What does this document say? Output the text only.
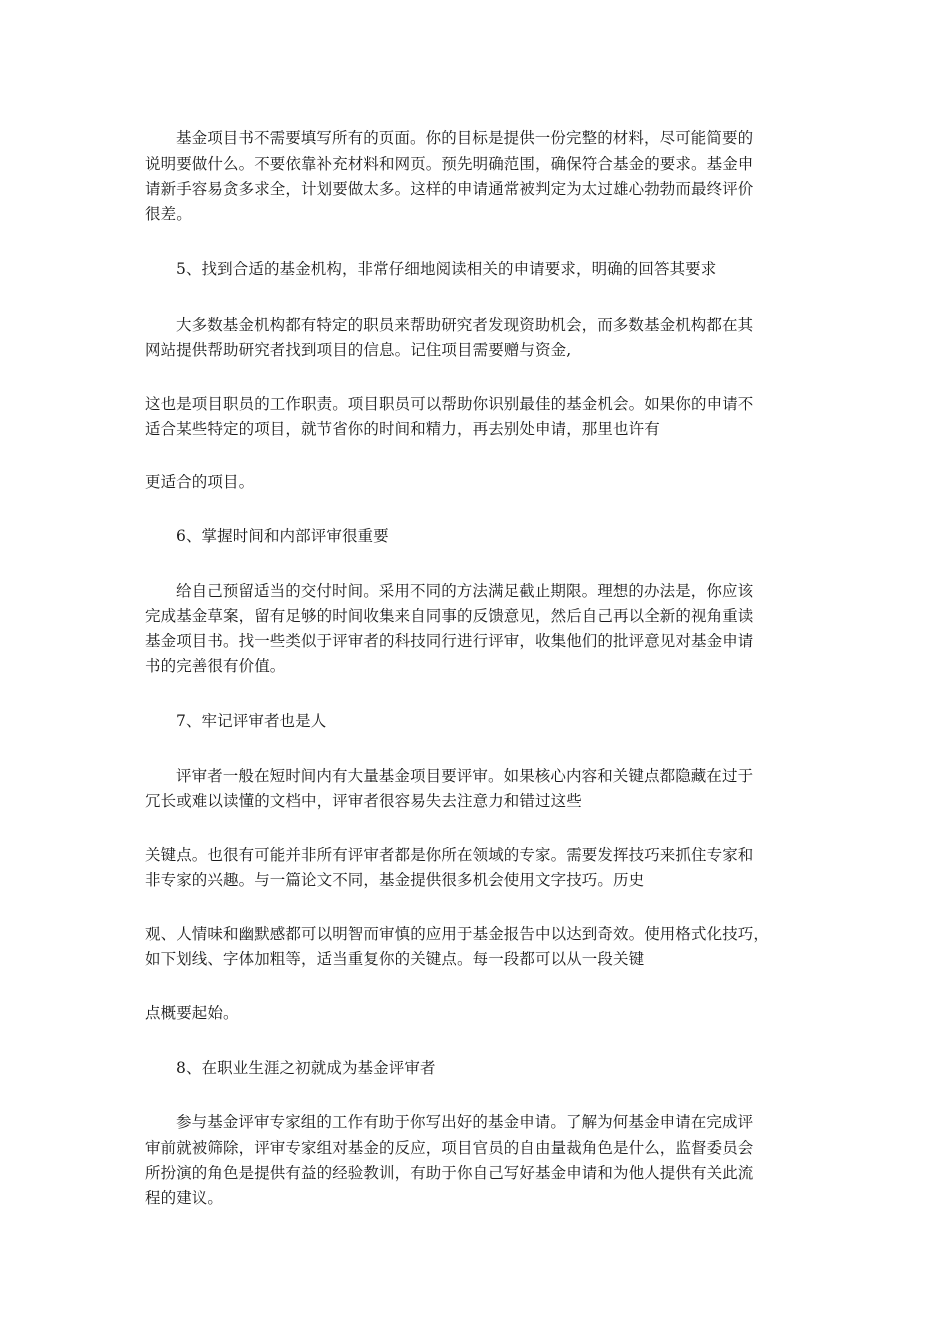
基金项目书不需要填写所有的页面。你的目标是提供一份完整的材料，尽可能简要的
说明要做什么。不要依靠补充材料和网页。预先明确范围，确保符合基金的要求。基金申
请新手容易贪多求全，计划要做太多。这样的申请通常被判定为太过雄心勃勃而最终评价
很差。
5、找到合适的基金机构，非常仔细地阅读相关的申请要求，明确的回答其要求
大多数基金机构都有特定的职员来帮助研究者发现资助机会，而多数基金机构都在其
网站提供帮助研究者找到项目的信息。记住项目需要赠与资金,
这也是项目职员的工作职责。项目职员可以帮助你识别最佳的基金机会。如果你的申请不
适合某些特定的项目，就节省你的时间和精力，再去别处申请，那里也许有
更适合的项目。
6、掌握时间和内部评审很重要
给自己预留适当的交付时间。采用不同的方法满足截止期限。理想的办法是，你应该
完成基金草案，留有足够的时间收集来自同事的反馈意见，然后自己再以全新的视角重读
基金项目书。找一些类似于评审者的科技同行进行评审，收集他们的批评意见对基金申请
书的完善很有价值。
7、牢记评审者也是人
评审者一般在短时间内有大量基金项目要评审。如果核心内容和关键点都隐藏在过于
冗长或难以读懂的文档中，评审者很容易失去注意力和错过这些
关键点。也很有可能并非所有评审者都是你所在领域的专家。需要发挥技巧来抓住专家和
非专家的兴趣。与一篇论文不同，基金提供很多机会使用文字技巧。历史
观、人情味和幽默感都可以明智而审慎的应用于基金报告中以达到奇效。使用格式化技巧，
如下划线、字体加粗等，适当重复你的关键点。每一段都可以从一段关键
点概要起始。
8、在职业生涯之初就成为基金评审者
参与基金评审专家组的工作有助于你写出好的基金申请。了解为何基金申请在完成评
审前就被筛除，评审专家组对基金的反应，项目官员的自由量裁角色是什么，监督委员会
所扮演的角色是提供有益的经验教训，有助于你自己写好基金申请和为他人提供有关此流
程的建议。
